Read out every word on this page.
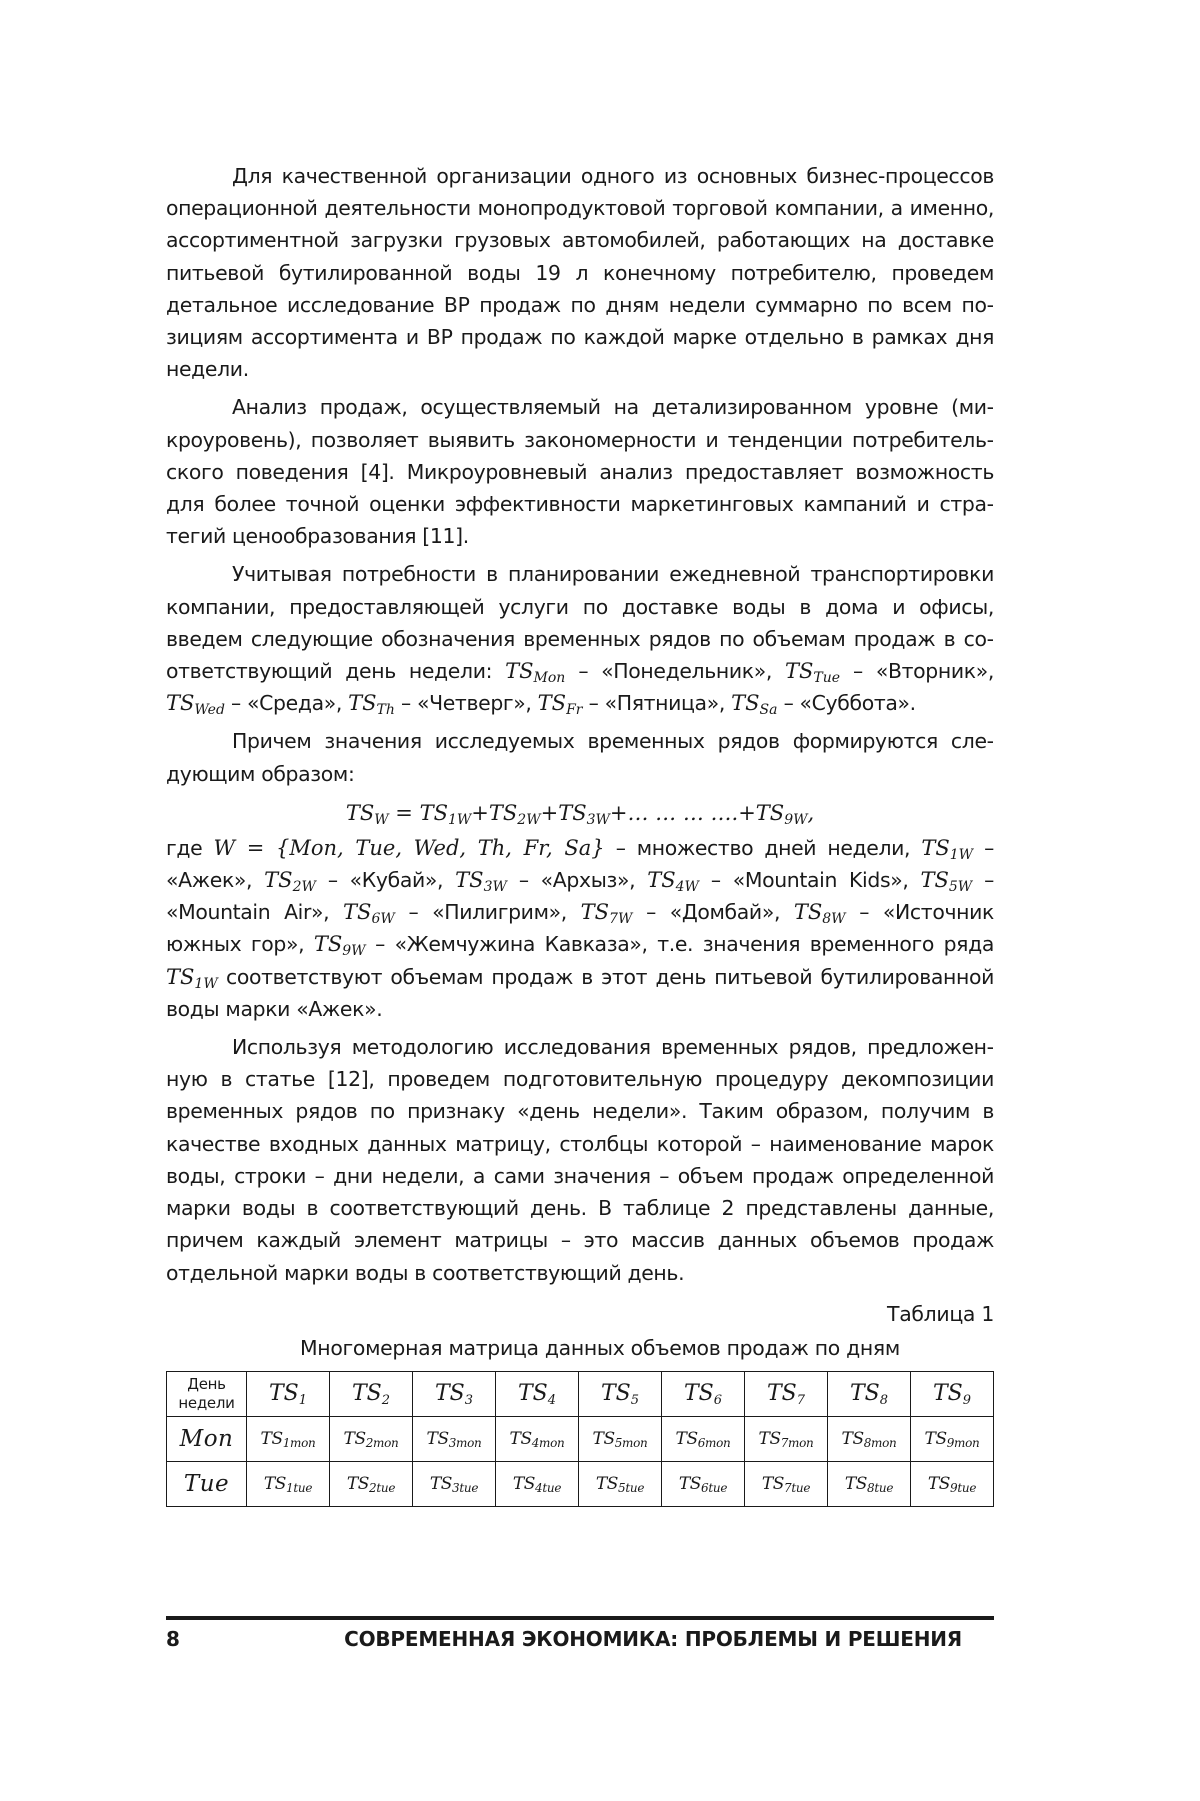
Для качественной организации одного из основных бизнес-процессов операционной деятельности монопродуктовой торговой компании, а именно, ассортиментной загрузки грузовых автомобилей, работающих на доставке питьевой бутилированной воды 19 л конечному потребителю, проведем детальное исследование ВР продаж по дням недели суммарно по всем позициям ассортимента и ВР продаж по каждой марке отдельно в рамках дня недели.

Анализ продаж, осуществляемый на детализированном уровне (микроуровень), позволяет выявить закономерности и тенденции потребительского поведения [4]. Микроуровневый анализ предоставляет возможность для более точной оценки эффективности маркетинговых кампаний и стратегий ценообразования [11].

Учитывая потребности в планировании ежедневной транспортировки компании, предоставляющей услуги по доставке воды в дома и офисы, введем следующие обозначения временных рядов по объемам продаж в соответствующий день недели: $TS_{Mon}$ – «Понедельник», $TS_{Tue}$ – «Вторник», $TS_{Wed}$ – «Среда», $TS_{Th}$ – «Четверг», $TS_{Fr}$ – «Пятница», $TS_{Sa}$ – «Суббота».

Причем значения исследуемых временных рядов формируются следующим образом:

$TS_W$ = $TS_{1W}+TS_{2W}+TS_{3W}+\dots$ … … $\dots.+TS_{9W}$,

где W = {Mon, Tue, Wed, Th, Fr, Sa} – множество дней недели, $TS_{1W}$ – «Ажек», $TS_{2W}$ – «Кубай», $TS_{3W}$ – «Архыз», $TS_{4W}$ – «Mountain Kids», $TS_{5W}$ – «Mountain Air», $TS_{6W}$ – «Пилигрим», $TS_{7W}$ – «Домбай», $TS_{8W}$ – «Источник южных гор», $TS_{9W}$ – «Жемчужина Кавказа», т.е. значения временного ряда $TS_{1W}$ соответствуют объемам продаж в этот день питьевой бутилированной воды марки «Ажек».

Используя методологию исследования временных рядов, предложенную в статье [12], проведем подготовительную процедуру декомпозиции временных рядов по признаку «день недели». Таким образом, получим в качестве входных данных матрицу, столбцы которой – наименование марок воды, строки – дни недели, а сами значения – объем продаж определенной марки воды в соответствующий день. В таблице 2 представлены данные, причем каждый элемент матрицы – это массив данных объемов продаж отдельной марки воды в соответствующий день.

Таблица 1
Многомерная матрица данных объемов продаж по дням
День
недели	$TS_1$	$TS_2$	$TS_3$	$TS_4$	$TS_5$	$TS_6$	$TS_7$	$TS_8$	$TS_9$
Mon	$TS_{1mon}$	$TS_{2mon}$	$TS_{3mon}$	$TS_{4mon}$	$TS_{5mon}$	$TS_{6mon}$	$TS_{7mon}$	$TS_{8mon}$	$TS_{9mon}$
Tue	$TS_{1tue}$	$TS_{2tue}$	$TS_{3tue}$	$TS_{4tue}$	$TS_{5tue}$	$TS_{6tue}$	$TS_{7tue}$	$TS_{8tue}$	$TS_{9tue}$
8	СОВРЕМЕННАЯ ЭКОНОМИКА: ПРОБЛЕМЫ И РЕШЕНИЯ
